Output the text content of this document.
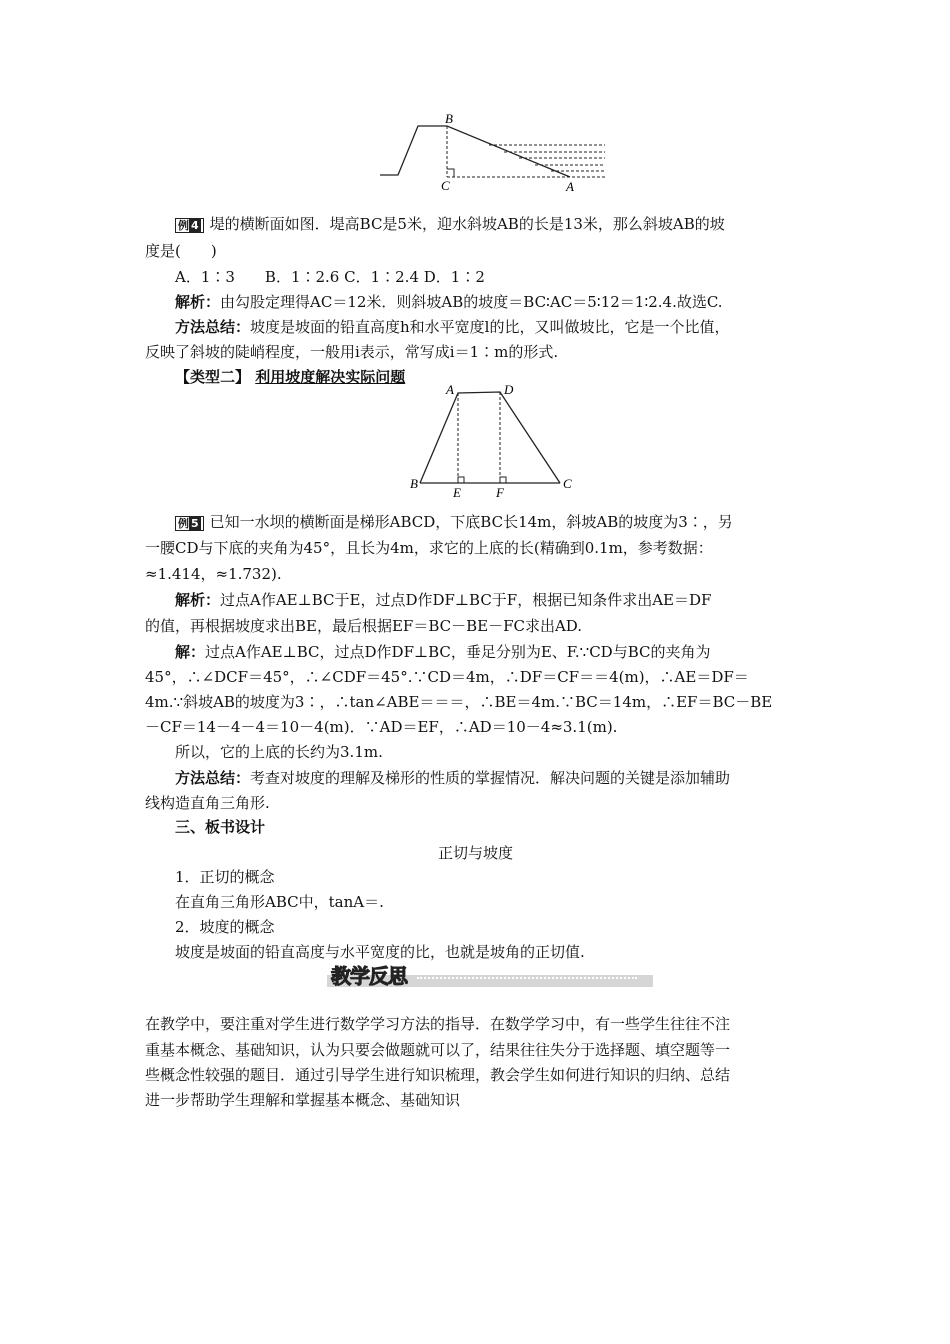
B
C	A
例 4 堤的横断面如图．堤高BC是5米，迎水斜坡AB的长是13米，那么斜坡AB的坡
度是(　　)
A．1∶3　　B．1∶2.6 C．1∶2.4 D．1∶2
解析：由勾股定理得AC＝12米．则斜坡AB的坡度＝BC∶AC＝5∶12＝1∶2.4.故选C.
方法总结：坡度是坡面的铅直高度h和水平宽度l的比，又叫做坡比，它是一个比值，
反映了斜坡的陡峭程度，一般用i表示，常写成i＝1∶m的形式.
【类型二】 利用坡度解决实际问题
A	D
B
E	F
C
例 5 已知一水坝的横断面是梯形ABCD，下底BC长14m，斜坡AB的坡度为3∶，另
一腰CD与下底的夹角为45°，且长为4m，求它的上底的长(精确到0.1m，参考数据：
≈1.414，≈1.732).
解析：过点A作AE⊥BC于E，过点D作DF⊥BC于F，根据已知条件求出AE＝DF
的值，再根据坡度求出BE，最后根据EF＝BC－BE－FC求出AD.
解：过点A作AE⊥BC，过点D作DF⊥BC，垂足分别为E、F.∵CD与BC的夹角为
45°，∴∠DCF＝45°，∴∠CDF＝45°.∵CD＝4m，∴DF＝CF＝＝4(m)，∴AE＝DF＝
4m.∵斜坡AB的坡度为3∶，∴tan∠ABE＝＝＝，∴BE＝4m.∵BC＝14m，∴EF＝BC－BE
－CF＝14－4－4＝10－4(m)．∵AD＝EF，∴AD＝10－4≈3.1(m).
所以，它的上底的长约为3.1m.
方法总结：考查对坡度的理解及梯形的性质的掌握情况．解决问题的关键是添加辅助
线构造直角三角形.
三、板书设计
正切与坡度
1．正切的概念
在直角三角形ABC中，tanA＝.
2．坡度的概念
坡度是坡面的铅直高度与水平宽度的比，也就是坡角的正切值.
教学反思
在教学中，要注重对学生进行数学学习方法的指导．在数学学习中，有一些学生往往不注
重基本概念、基础知识，认为只要会做题就可以了，结果往往失分于选择题、填空题等一
些概念性较强的题目．通过引导学生进行知识梳理，教会学生如何进行知识的归纳、总结
进一步帮助学生理解和掌握基本概念、基础知识
